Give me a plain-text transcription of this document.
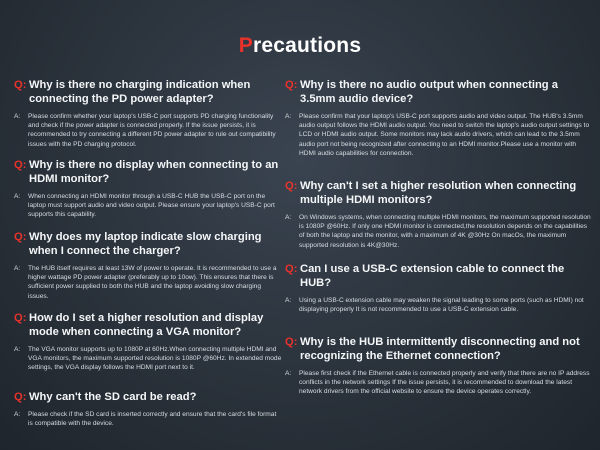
Precautions
Q: Why is there no charging indication when connecting the PD power adapter?
A:	Please confirm whether your laptop's USB-C port supports PD charging functionality and check if the power adapter is connected properly. If the issue persists, it is recommended to try connecting a different PD power adapter to rule out compatibility issues with the PD charging protocol.
Q: Why is there no display when connecting to an HDMI monitor?
A:	When connecting an HDMI monitor through a USB-C HUB the USB-C port on the laptop must support audio and video output. Please ensure your laptop's USB-C port supports this capability.
Q: Why does my laptop indicate slow charging when I connect the charger?
A:	The HUB itself requires at least 13W of power to operate. It is recommended to use a higher wattage PD power adapter (preferably up to 10ow). This ensures that there is sufficient power supplied to both the HUB and the laptop avoiding slow charging issues.
Q: How do I set a higher resolution and display mode when connecting a VGA monitor?
A:	The VGA monitor supports up to 1080P at 60Hz.When connecting multiple HDMI and VGA monitors, the maximum supported resolution is 1080P @60Hz. In extended mode settings, the VGA display follows the HDMI port next to it.
Q: Why can't the SD card be read?
A:	Please check if the SD card is inserted correctly and ensure that the card's file format is compatible with the device.
Q: Why is there no audio output when connecting a 3.5mm audio device?
A:	Please confirm that your laptop's USB-C port supports audio and video output. The HUB's 3.5mm audio output follows the HDMI audio output. You need to switch the laptop's audio output settings to LCD or HDMI audio output. Some monitors may lack audio drivers, which can lead to the 3.5mm audio port not being recognized after connecting to an HDMI monitor.Please use a monitor with HDMI audio capabilities for connection.
Q: Why can't I set a higher resolution when connecting multiple HDMI monitors?
A:	On Windows systems, when connecting multiple HDMI monitors, the maximum supported resolution is 1080P @60Hz. If only one HDMI monitor is connected,the resolution depends on the capabilities of both the laptop and the monitor, with a maximum of 4K @30Hz On macOs, the maximum supported resolution is 4K@30Hz.
Q: Can I use a USB-C extension cable to connect the HUB?
A:	Using a USB-C extension cable may weaken the signal leading to some ports (such as HDMI) not displaying properly It is not recommended to use a USB-C extension cable.
Q: Why is the HUB intermittently disconnecting and not recognizing the Ethernet connection?
A:	Please first check if the Ethernet cable is connected properly and verify that there are no IP address conflicts in the network settings If the issue persists, it is recommended to download the latest network drivers from the official website to ensure the device operates correctly.
